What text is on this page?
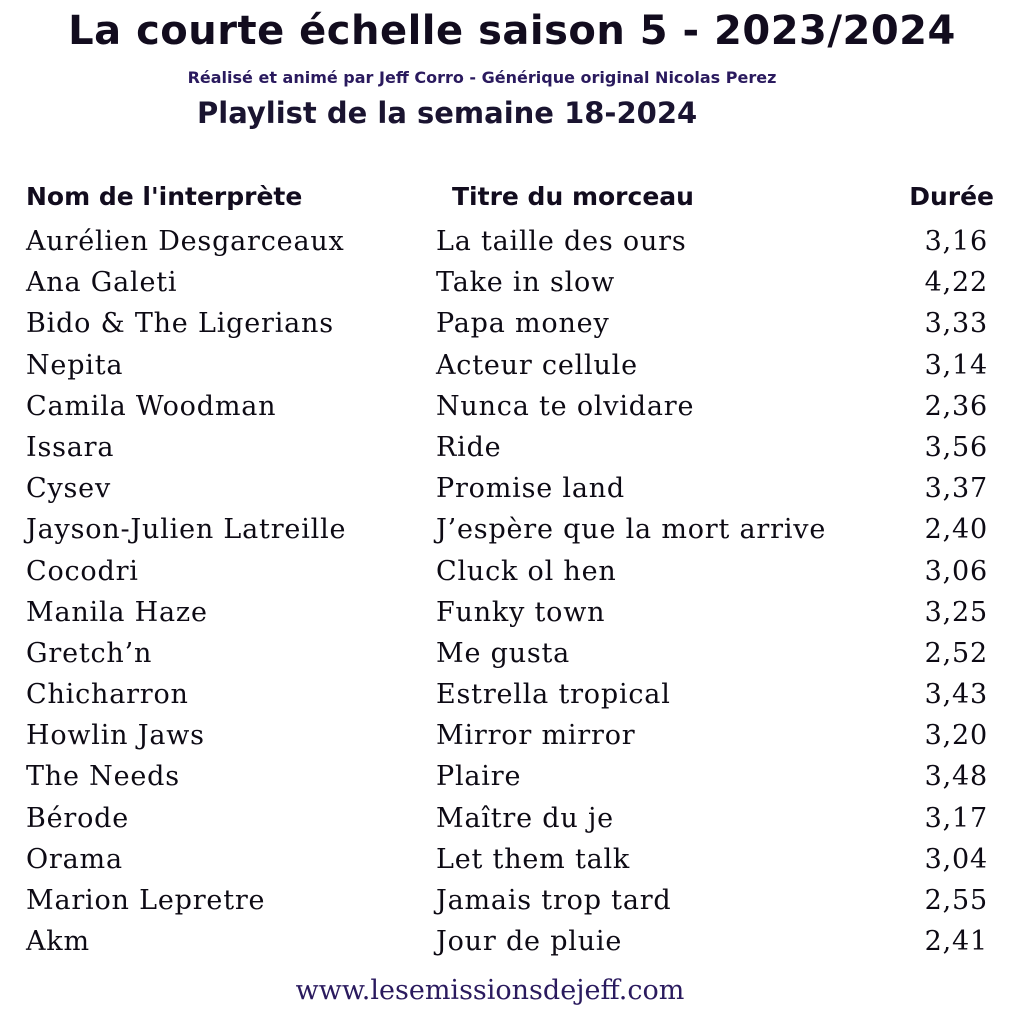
La courte échelle saison 5 - 2023/2024
Réalisé et animé par Jeff Corro - Générique original Nicolas Perez
Playlist de la semaine 18-2024
Nom de l'interprète	Titre du morceau	Durée
Aurélien Desgarceaux	La taille des ours	3,16
Ana Galeti	Take in slow	4,22
Bido & The Ligerians	Papa money	3,33
Nepita	Acteur cellule	3,14
Camila Woodman	Nunca te olvidare	2,36
Issara	Ride	3,56
Cysev	Promise land	3,37
Jayson-Julien Latreille	J’espère que la mort arrive	2,40
Cocodri	Cluck ol hen	3,06
Manila Haze	Funky town	3,25
Gretch’n	Me gusta	2,52
Chicharron	Estrella tropical	3,43
Howlin Jaws	Mirror mirror	3,20
The Needs	Plaire	3,48
Bérode	Maître du je	3,17
Orama	Let them talk	3,04
Marion Lepretre	Jamais trop tard	2,55
Akm	Jour de pluie	2,41
www.lesemissionsdejeff.com
